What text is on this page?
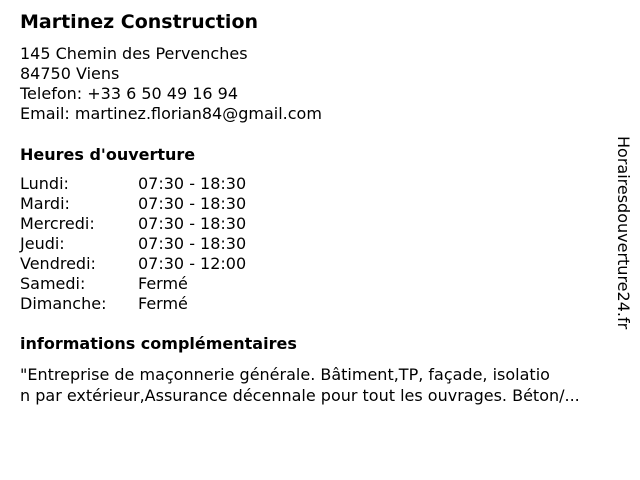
Martinez Construction
145 Chemin des Pervenches
84750 Viens
Telefon: +33 6 50 49 16 94
Email: martinez.florian84@gmail.com
Heures d'ouverture
Lundi:	07:30 - 18:30
Mardi:	07:30 - 18:30
Mercredi:	07:30 - 18:30
Jeudi:	07:30 - 18:30
Vendredi:	07:30 - 12:00
Samedi:	Fermé
Dimanche: Fermé
informations complémentaires
"Entreprise de maçonnerie générale. Bâtiment,TP, façade, isolatio
n par extérieur,Assurance décennale pour tout les ouvrages. Béton/...
Horairesdouverture24.fr
